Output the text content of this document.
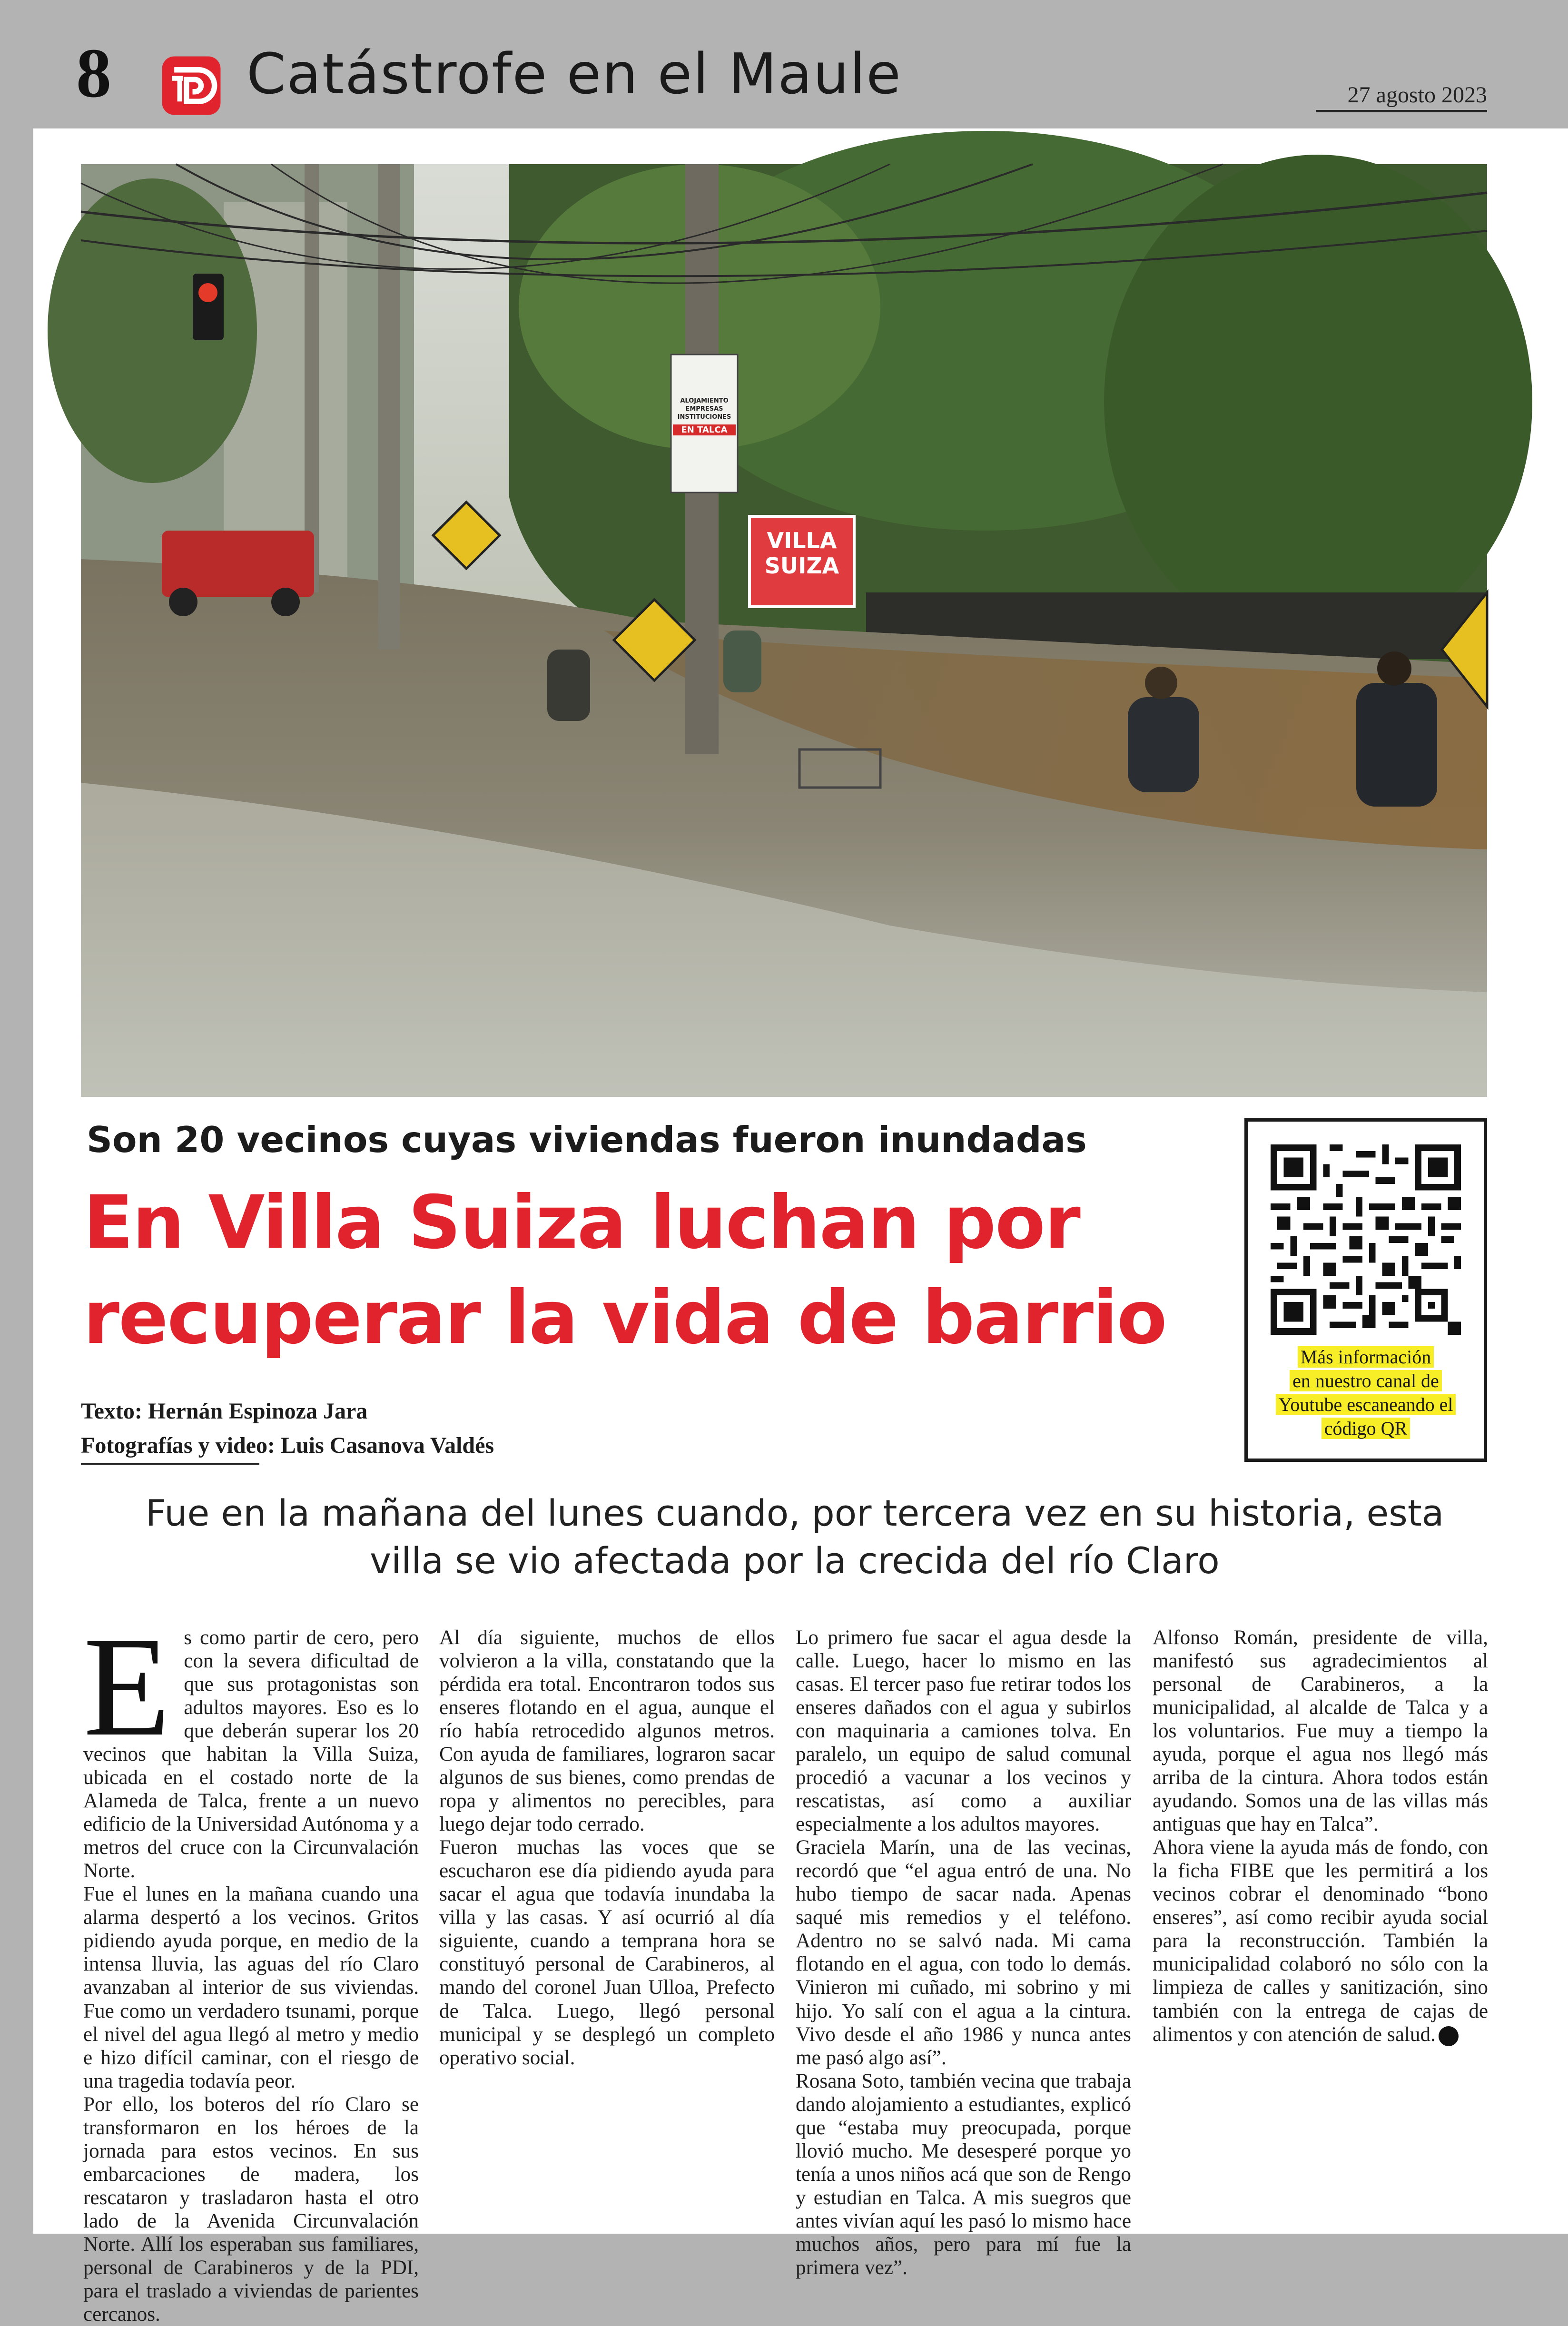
8 Catástrofe en el Maule	27 agosto 2023
VILLA
SUIZA
ALOJAMIENTO
EMPRESAS
INSTITUCIONES
EN TALCA
Son 20 vecinos cuyas viviendas fueron inundadas
En Villa Suiza luchan por
recuperar la vida de barrio	Más información
en nuestro canal de
Youtube escaneando el
código QR
Texto: Hernán Espinoza Jara
Fotografías y video: Luis Casanova Valdés
Fue en la mañana del lunes cuando, por tercera vez en su historia, esta villa se vio afectada por la crecida del río Claro
E s como partir de cero, pero con la severa dificultad de que sus protagonistas son adultos mayores. Eso es lo que deberán superar los 20 vecinos que habitan la Villa Suiza, ubicada en el costado norte de la Alameda de Talca, frente a un nuevo edificio de la Universidad Autónoma y a metros del cruce con la Circunvalación Norte.

Fue el lunes en la mañana cuando una alarma despertó a los vecinos. Gritos pidiendo ayuda porque, en medio de la intensa lluvia, las aguas del río Claro avanzaban al interior de sus viviendas. Fue como un verdadero tsunami, porque el nivel del agua llegó al metro y medio e hizo difícil caminar, con el riesgo de una tragedia todavía peor.

Por ello, los boteros del río Claro se transformaron en los héroes de la jornada para estos vecinos. En sus embarcaciones de madera, los rescataron y trasladaron hasta el otro lado de la Avenida Circunvalación Norte. Allí los esperaban sus familiares, personal de Carabineros y de la PDI, para el traslado a viviendas de parientes cercanos.

Al día siguiente, muchos de ellos volvieron a la villa, constatando que la pérdida era total. Encontraron todos sus enseres flotando en el agua, aunque el río había retrocedido algunos metros. Con ayuda de familiares, lograron sacar algunos de sus bienes, como prendas de ropa y alimentos no perecibles, para luego dejar todo cerrado.

Fueron muchas las voces que se escucharon ese día pidiendo ayuda para sacar el agua que todavía inundaba la villa y las casas. Y así ocurrió al día siguiente, cuando a temprana hora se constituyó personal de Carabineros, al mando del coronel Juan Ulloa, Prefecto de Talca. Luego, llegó personal municipal y se desplegó un completo operativo social.

Lo primero fue sacar el agua desde la calle. Luego, hacer lo mismo en las casas. El tercer paso fue retirar todos los enseres dañados con el agua y subirlos con maquinaria a camiones tolva. En paralelo, un equipo de salud comunal procedió a vacunar a los vecinos y rescatistas, así como a auxiliar especialmente a los adultos mayores.

Graciela Marín, una de las vecinas, recordó que “el agua entró de una. No hubo tiempo de sacar nada. Apenas saqué mis remedios y el teléfono. Adentro no se salvó nada. Mi cama flotando en el agua, con todo lo demás. Vinieron mi cuñado, mi sobrino y mi hijo. Yo salí con el agua a la cintura. Vivo desde el año 1986 y nunca antes me pasó algo así”.

Rosana Soto, también vecina que trabaja dando alojamiento a estudiantes, explicó que “estaba muy preocupada, porque llovió mucho. Me desesperé porque yo tenía a unos niños acá que son de Rengo y estudian en Talca. A mis suegros que antes vivían aquí les pasó lo mismo hace muchos años, pero para mí fue la primera vez”.

Alfonso Román, presidente de villa, manifestó sus agradecimientos al personal de Carabineros, a la municipalidad, al alcalde de Talca y a los voluntarios. Fue muy a tiempo la ayuda, porque el agua nos llegó más arriba de la cintura. Ahora todos están ayudando. Somos una de las villas más antiguas que hay en Talca”.

Ahora viene la ayuda más de fondo, con la ficha FIBE que les permitirá a los vecinos cobrar el denominado “bono enseres”, así como recibir ayuda social para la reconstrucción. También la municipalidad colaboró no sólo con la limpieza de calles y sanitización, sino también con la entrega de cajas de alimentos y con atención de salud.
